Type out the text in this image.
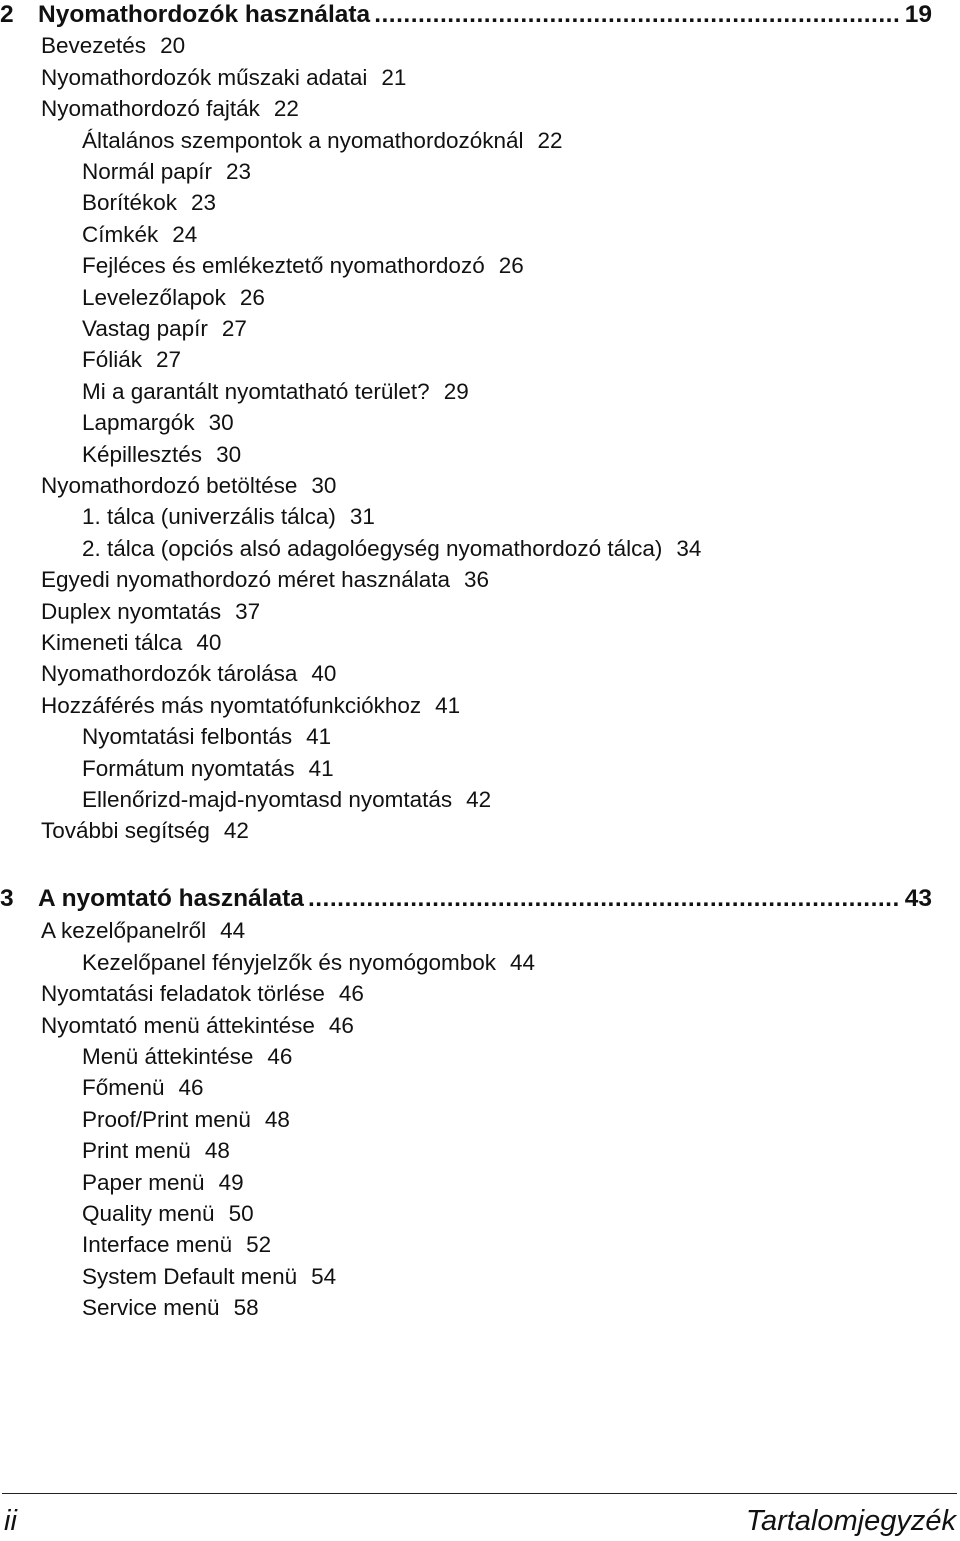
2 Nyomathordozók használata .....	19
Bevezetés 20
Nyomathordozók műszaki adatai 21
Nyomathordozó fajták 22
Általános szempontok a nyomathordozóknál 22
Normál papír 23
Borítékok 23
Címkék 24
Fejléces és emlékeztető nyomathordozó 26
Levelezőlapok 26
Vastag papír 27
Fóliák 27
Mi a garantált nyomtatható terület? 29
Lapmargók 30
Képillesztés 30
Nyomathordozó betöltése 30
1. tálca (univerzális tálca) 31
2. tálca (opciós alsó adagolóegység nyomathordozó tálca) 34
Egyedi nyomathordozó méret használata 36
Duplex nyomtatás 37
Kimeneti tálca 40
Nyomathordozók tárolása 40
Hozzáférés más nyomtatófunkciókhoz 41
Nyomtatási felbontás 41
Formátum nyomtatás 41
Ellenőrizd-majd-nyomtasd nyomtatás 42
További segítség 42
3 A nyomtató használata .....	43
A kezelőpanelről 44
Kezelőpanel fényjelzők és nyomógombok 44
Nyomtatási feladatok törlése 46
Nyomtató menü áttekintése 46
Menü áttekintése 46
Főmenü 46
Proof/Print menü 48
Print menü 48
Paper menü 49
Quality menü 50
Interface menü 52
System Default menü 54
Service menü 58
ii	Tartalomjegyzék
